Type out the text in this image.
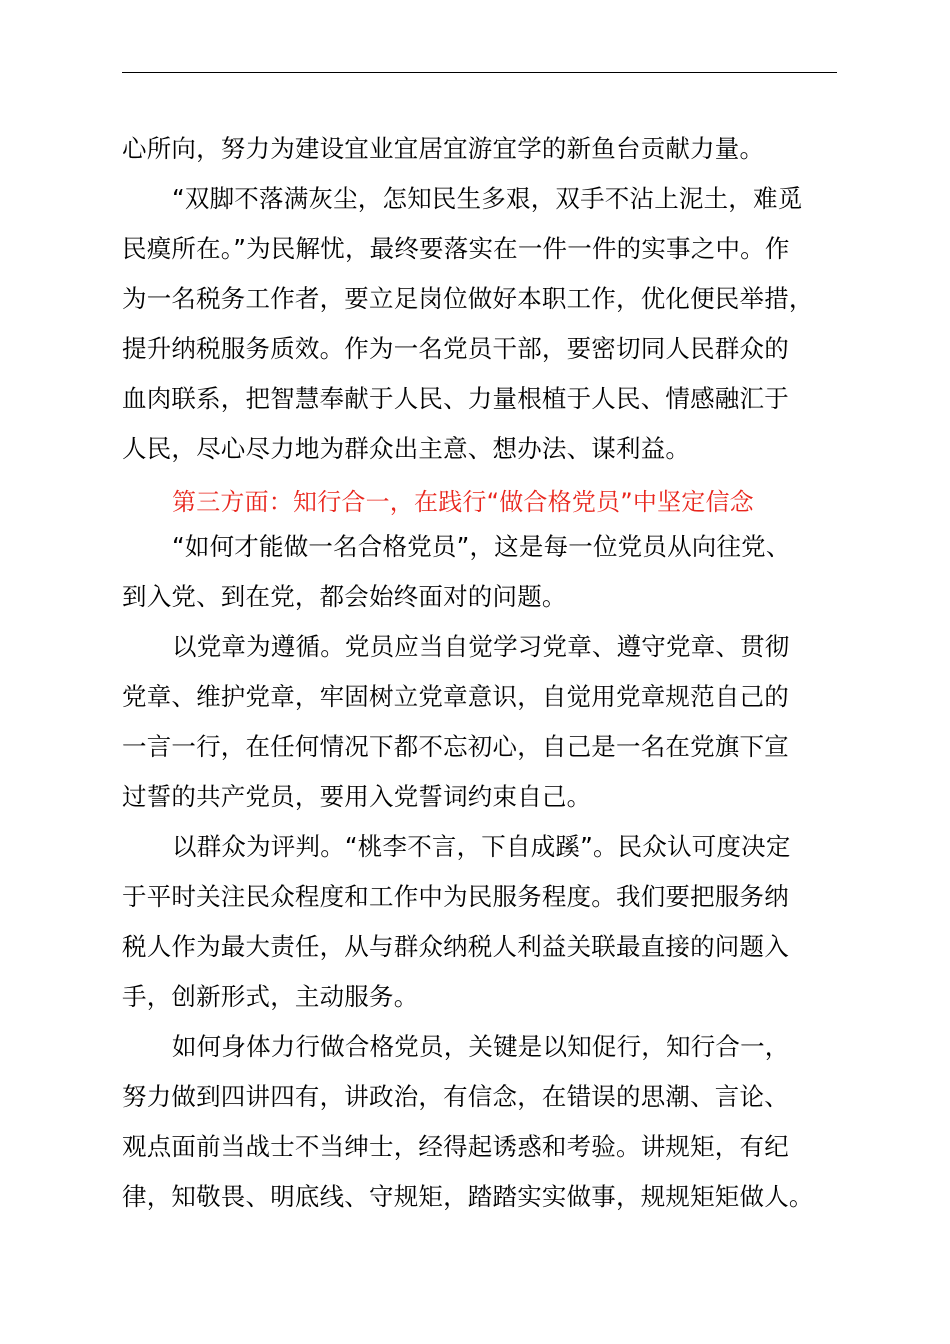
心所向，努力为建设宜业宜居宜游宜学的新鱼台贡献力量。
“双脚不落满灰尘，怎知民生多艰，双手不沾上泥土，难觅
民瘼所在。”为民解忧，最终要落实在一件一件的实事之中。作
为一名税务工作者，要立足岗位做好本职工作，优化便民举措，
提升纳税服务质效。作为一名党员干部，要密切同人民群众的
血肉联系，把智慧奉献于人民、力量根植于人民、情感融汇于
人民，尽心尽力地为群众出主意、想办法、谋利益。
第三方面：知行合一，在践行“做合格党员”中坚定信念
“如何才能做一名合格党员”，这是每一位党员从向往党、
到入党、到在党，都会始终面对的问题。
以党章为遵循。党员应当自觉学习党章、遵守党章、贯彻
党章、维护党章，牢固树立党章意识，自觉用党章规范自己的
一言一行，在任何情况下都不忘初心，自己是一名在党旗下宣
过誓的共产党员，要用入党誓词约束自己。
以群众为评判。“桃李不言，下自成蹊”。民众认可度决定
于平时关注民众程度和工作中为民服务程度。我们要把服务纳
税人作为最大责任，从与群众纳税人利益关联最直接的问题入
手，创新形式，主动服务。
如何身体力行做合格党员，关键是以知促行，知行合一，
努力做到四讲四有，讲政治，有信念，在错误的思潮、言论、
观点面前当战士不当绅士，经得起诱惑和考验。讲规矩，有纪
律，知敬畏、明底线、守规矩，踏踏实实做事，规规矩矩做人。
